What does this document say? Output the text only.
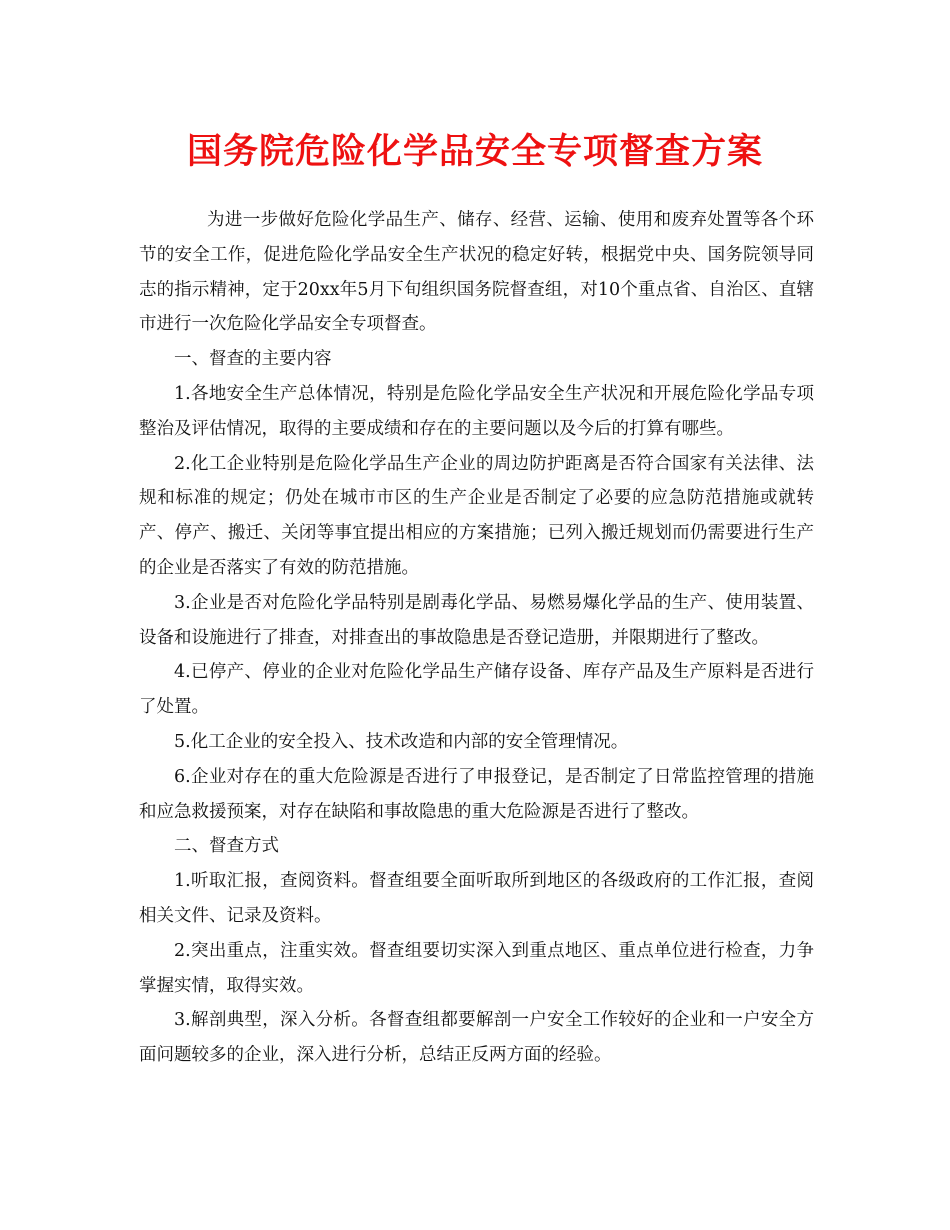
国务院危险化学品安全专项督查方案

为进一步做好危险化学品生产、储存、经营、运输、使用和废弃处置等各个环节的安全工作，促进危险化学品安全生产状况的稳定好转，根据党中央、国务院领导同志的指示精神，定于20xx年5月下旬组织国务院督查组，对10个重点省、自治区、直辖市进行一次危险化学品安全专项督查。

一、督查的主要内容

1.各地安全生产总体情况，特别是危险化学品安全生产状况和开展危险化学品专项整治及评估情况，取得的主要成绩和存在的主要问题以及今后的打算有哪些。

2.化工企业特别是危险化学品生产企业的周边防护距离是否符合国家有关法律、法规和标准的规定；仍处在城市市区的生产企业是否制定了必要的应急防范措施或就转产、停产、搬迁、关闭等事宜提出相应的方案措施；已列入搬迁规划而仍需要进行生产的企业是否落实了有效的防范措施。

3.企业是否对危险化学品特别是剧毒化学品、易燃易爆化学品的生产、使用装置、设备和设施进行了排查，对排查出的事故隐患是否登记造册，并限期进行了整改。

4.已停产、停业的企业对危险化学品生产储存设备、库存产品及生产原料是否进行了处置。

5.化工企业的安全投入、技术改造和内部的安全管理情况。

6.企业对存在的重大危险源是否进行了申报登记，是否制定了日常监控管理的措施和应急救援预案，对存在缺陷和事故隐患的重大危险源是否进行了整改。

二、督查方式

1.听取汇报，查阅资料。督查组要全面听取所到地区的各级政府的工作汇报，查阅相关文件、记录及资料。

2.突出重点，注重实效。督查组要切实深入到重点地区、重点单位进行检查，力争掌握实情，取得实效。

3.解剖典型，深入分析。各督查组都要解剖一户安全工作较好的企业和一户安全方面问题较多的企业，深入进行分析，总结正反两方面的经验。
